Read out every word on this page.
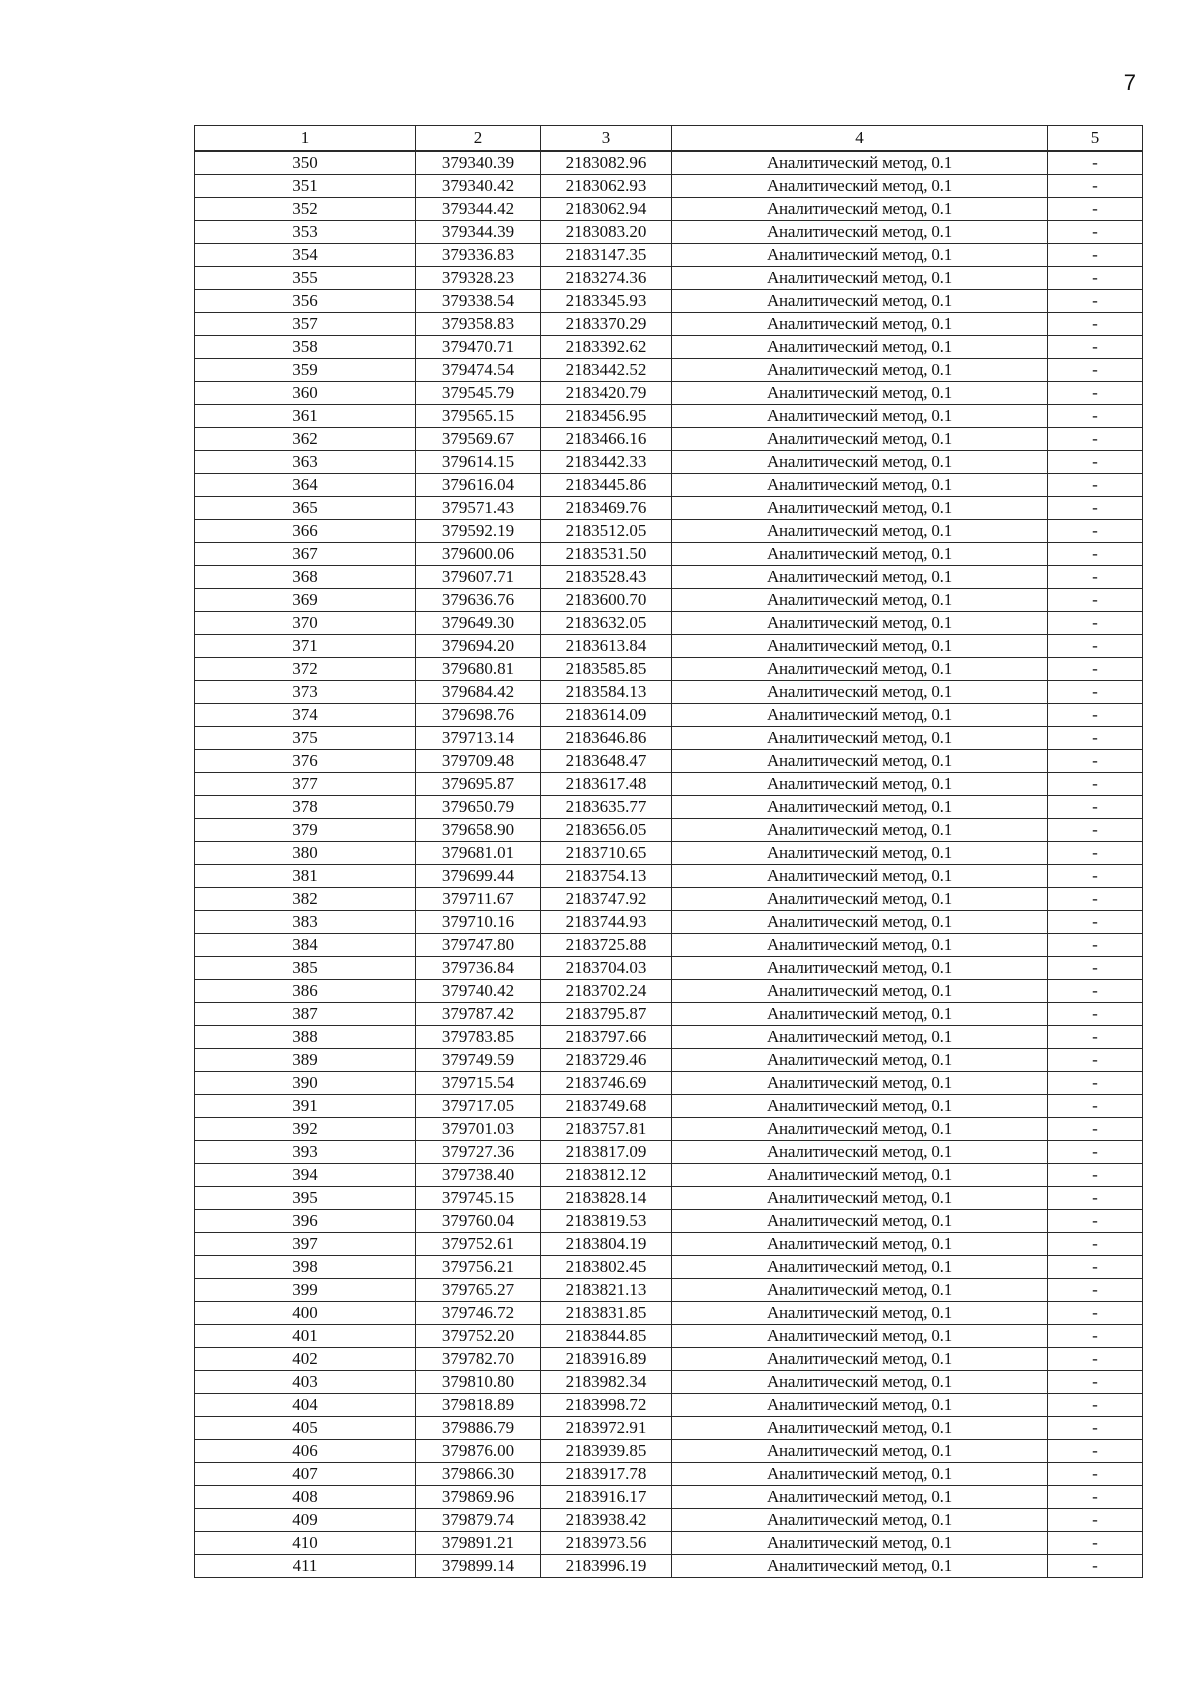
7
1	2	3	4	5
350	379340.39	2183082.96	Аналитический метод, 0.1	-
351	379340.42	2183062.93	Аналитический метод, 0.1	-
352	379344.42	2183062.94	Аналитический метод, 0.1	-
353	379344.39	2183083.20	Аналитический метод, 0.1	-
354	379336.83	2183147.35	Аналитический метод, 0.1	-
355	379328.23	2183274.36	Аналитический метод, 0.1	-
356	379338.54	2183345.93	Аналитический метод, 0.1	-
357	379358.83	2183370.29	Аналитический метод, 0.1	-
358	379470.71	2183392.62	Аналитический метод, 0.1	-
359	379474.54	2183442.52	Аналитический метод, 0.1	-
360	379545.79	2183420.79	Аналитический метод, 0.1	-
361	379565.15	2183456.95	Аналитический метод, 0.1	-
362	379569.67	2183466.16	Аналитический метод, 0.1	-
363	379614.15	2183442.33	Аналитический метод, 0.1	-
364	379616.04	2183445.86	Аналитический метод, 0.1	-
365	379571.43	2183469.76	Аналитический метод, 0.1	-
366	379592.19	2183512.05	Аналитический метод, 0.1	-
367	379600.06	2183531.50	Аналитический метод, 0.1	-
368	379607.71	2183528.43	Аналитический метод, 0.1	-
369	379636.76	2183600.70	Аналитический метод, 0.1	-
370	379649.30	2183632.05	Аналитический метод, 0.1	-
371	379694.20	2183613.84	Аналитический метод, 0.1	-
372	379680.81	2183585.85	Аналитический метод, 0.1	-
373	379684.42	2183584.13	Аналитический метод, 0.1	-
374	379698.76	2183614.09	Аналитический метод, 0.1	-
375	379713.14	2183646.86	Аналитический метод, 0.1	-
376	379709.48	2183648.47	Аналитический метод, 0.1	-
377	379695.87	2183617.48	Аналитический метод, 0.1	-
378	379650.79	2183635.77	Аналитический метод, 0.1	-
379	379658.90	2183656.05	Аналитический метод, 0.1	-
380	379681.01	2183710.65	Аналитический метод, 0.1	-
381	379699.44	2183754.13	Аналитический метод, 0.1	-
382	379711.67	2183747.92	Аналитический метод, 0.1	-
383	379710.16	2183744.93	Аналитический метод, 0.1	-
384	379747.80	2183725.88	Аналитический метод, 0.1	-
385	379736.84	2183704.03	Аналитический метод, 0.1	-
386	379740.42	2183702.24	Аналитический метод, 0.1	-
387	379787.42	2183795.87	Аналитический метод, 0.1	-
388	379783.85	2183797.66	Аналитический метод, 0.1	-
389	379749.59	2183729.46	Аналитический метод, 0.1	-
390	379715.54	2183746.69	Аналитический метод, 0.1	-
391	379717.05	2183749.68	Аналитический метод, 0.1	-
392	379701.03	2183757.81	Аналитический метод, 0.1	-
393	379727.36	2183817.09	Аналитический метод, 0.1	-
394	379738.40	2183812.12	Аналитический метод, 0.1	-
395	379745.15	2183828.14	Аналитический метод, 0.1	-
396	379760.04	2183819.53	Аналитический метод, 0.1	-
397	379752.61	2183804.19	Аналитический метод, 0.1	-
398	379756.21	2183802.45	Аналитический метод, 0.1	-
399	379765.27	2183821.13	Аналитический метод, 0.1	-
400	379746.72	2183831.85	Аналитический метод, 0.1	-
401	379752.20	2183844.85	Аналитический метод, 0.1	-
402	379782.70	2183916.89	Аналитический метод, 0.1	-
403	379810.80	2183982.34	Аналитический метод, 0.1	-
404	379818.89	2183998.72	Аналитический метод, 0.1	-
405	379886.79	2183972.91	Аналитический метод, 0.1	-
406	379876.00	2183939.85	Аналитический метод, 0.1	-
407	379866.30	2183917.78	Аналитический метод, 0.1	-
408	379869.96	2183916.17	Аналитический метод, 0.1	-
409	379879.74	2183938.42	Аналитический метод, 0.1	-
410	379891.21	2183973.56	Аналитический метод, 0.1	-
411	379899.14	2183996.19	Аналитический метод, 0.1	-
